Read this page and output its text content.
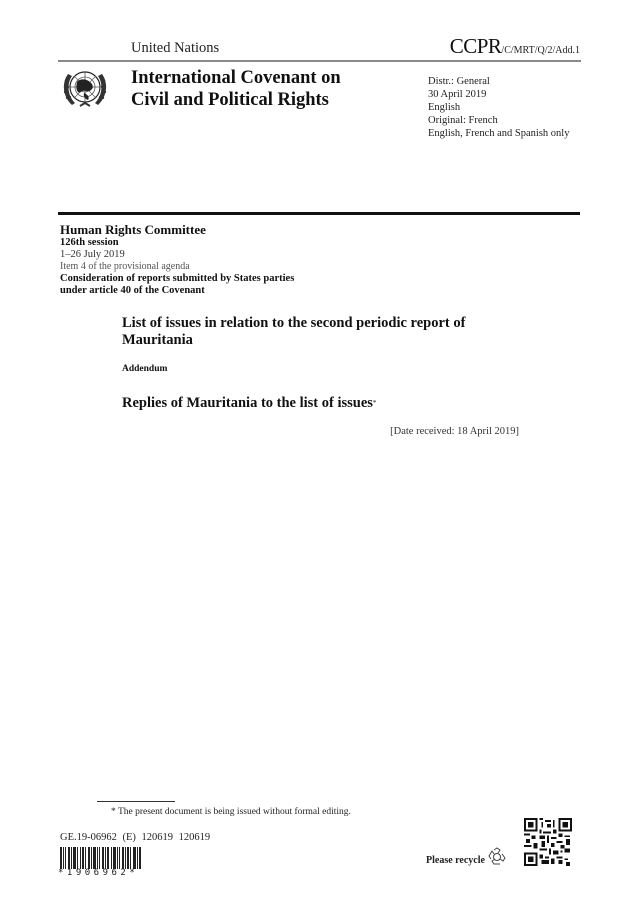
United Nations	CCPR/C/MRT/Q/2/Add.1
International Covenant on
Civil and Political Rights
Distr.: General
30 April 2019
English
Original: French
English, French and Spanish only
Human Rights Committee
126th session
1–26 July 2019
Item 4 of the provisional agenda
Consideration of reports submitted by States parties
under article 40 of the Covenant
List of issues in relation to the second periodic report of
Mauritania
Addendum
Replies of Mauritania to the list of issues*
[Date received: 18 April 2019]
* The present document is being issued without formal editing.
GE.19-06962 (E) 120619 120619
*1906962*
Please recycle
